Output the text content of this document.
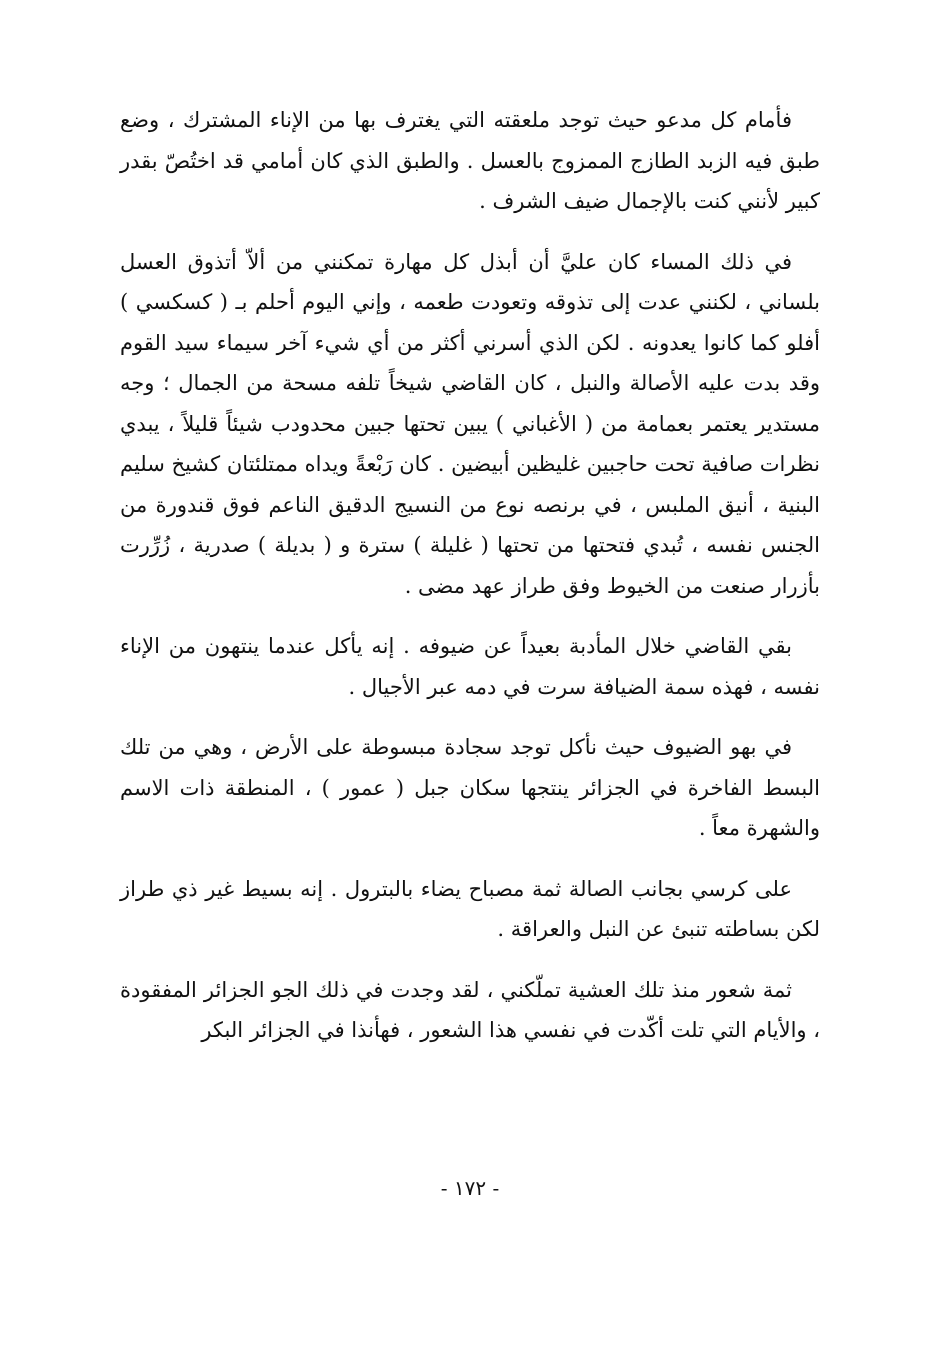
فأمام كل مدعو حيث توجد ملعقته التي يغترف بها من الإناء المشترك ، وضع طبق فيه الزبد الطازج الممزوج بالعسل . والطبق الذي كان أمامي قد اختُصّ بقدر كبير لأنني كنت بالإجمال ضيف الشرف .

في ذلك المساء كان عليَّ أن أبذل كل مهارة تمكنني من ألاّ أتذوق العسل بلساني ، لكنني عدت إلى تذوقه وتعودت طعمه ، وإني اليوم أحلم بـ ( كسكسي ) أفلو كما كانوا يعدونه . لكن الذي أسرني أكثر من أي شيء آخر سيماء سيد القوم وقد بدت عليه الأصالة والنبل ، كان القاضي شيخاً تلفه مسحة من الجمال ؛ وجه مستدير يعتمر بعمامة من ( الأغباني ) يبين تحتها جبين محدودب شيئاً قليلاً ، يبدي نظرات صافية تحت حاجبين غليظين أبيضين . كان رَبْعةً ويداه ممتلئتان كشيخ سليم البنية ، أنيق الملبس ، في برنصه نوع من النسيج الدقيق الناعم فوق قندورة من الجنس نفسه ، تُبدي فتحتها من تحتها ( غليلة ) سترة و ( بديلة ) صدرية ، زُرِّرت بأزرار صنعت من الخيوط وفق طراز عهد مضى .

بقي القاضي خلال المأدبة بعيداً عن ضيوفه . إنه يأكل عندما ينتهون من الإناء نفسه ، فهذه سمة الضيافة سرت في دمه عبر الأجيال .

في بهو الضيوف حيث نأكل توجد سجادة مبسوطة على الأرض ، وهي من تلك البسط الفاخرة في الجزائر ينتجها سكان جبل ( عمور ) ، المنطقة ذات الاسم والشهرة معاً .

على كرسي بجانب الصالة ثمة مصباح يضاء بالبترول . إنه بسيط غير ذي طراز لكن بساطته تنبئ عن النبل والعراقة .

ثمة شعور منذ تلك العشية تملّكني ، لقد وجدت في ذلك الجو الجزائر المفقودة ، والأيام التي تلت أكّدت في نفسي هذا الشعور ، فهأنذا في الجزائر البكر

- ١٧٢ -
